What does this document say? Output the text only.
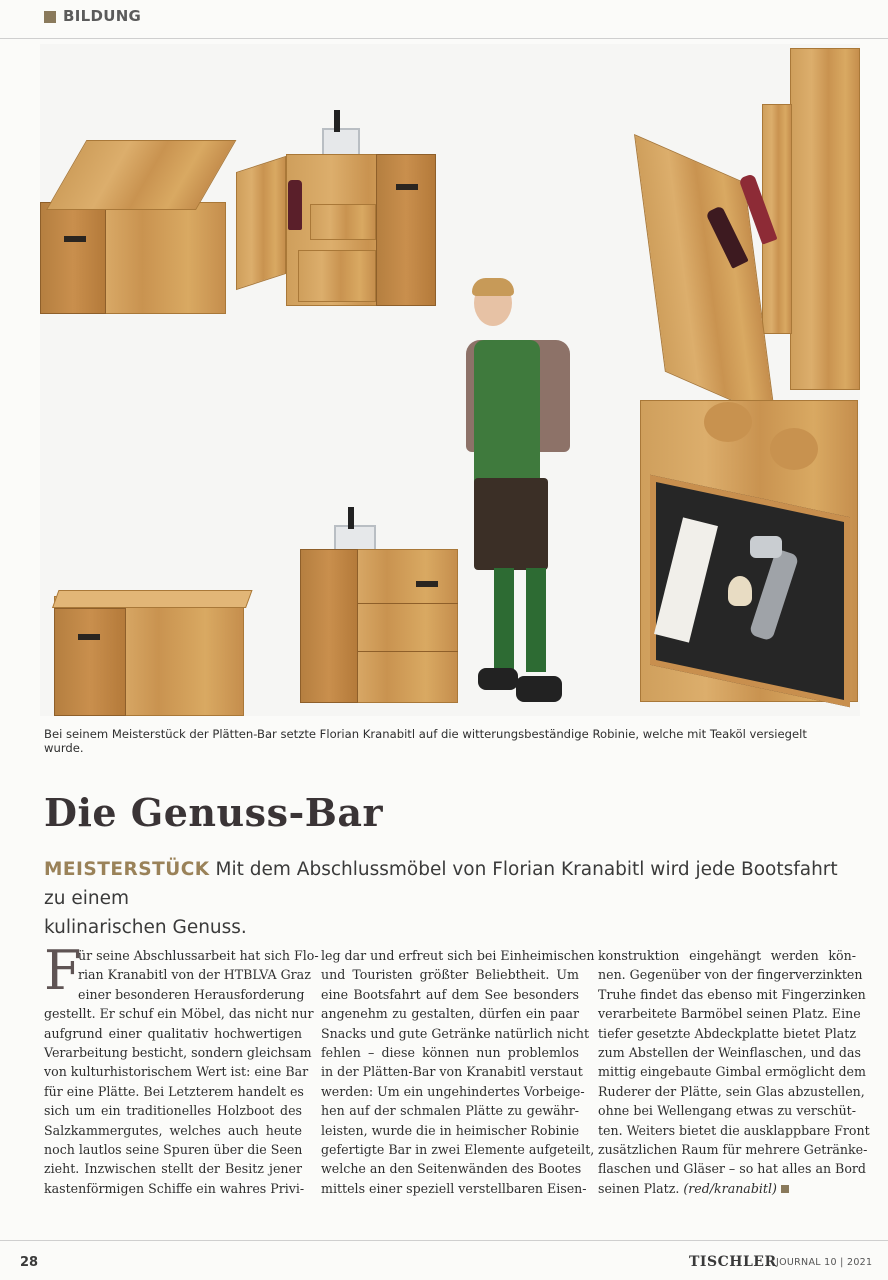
BILDUNG
Bei seinem Meisterstück der Plätten-Bar setzte Florian Kranabitl auf die witterungsbeständige Robinie, welche mit Teaköl versiegelt wurde.
Die Genuss-Bar
MEISTERSTÜCK Mit dem Abschlussmöbel von Florian Kranabitl wird jede Bootsfahrt zu einem
kulinarischen Genuss.
F
ür seine Abschlussarbeit hat sich Flo-
rian Kranabitl von der HTBLVA Graz
einer besonderen Herausforderung
gestellt. Er schuf ein Möbel, das nicht nur
aufgrund einer qualitativ hochwertigen
Verarbeitung besticht, sondern gleichsam
von kulturhistorischem Wert ist: eine Bar
für eine Plätte. Bei Letzterem handelt es
sich um ein traditionelles Holzboot des
Salzkammergutes, welches auch heute
noch lautlos seine Spuren über die Seen
zieht. Inzwischen stellt der Besitz jener
kastenförmigen Schiffe ein wahres Privi-
leg dar und erfreut sich bei Einheimischen
und Touristen größter Beliebtheit. Um
eine Bootsfahrt auf dem See besonders
angenehm zu gestalten, dürfen ein paar
Snacks und gute Getränke natürlich nicht
fehlen – diese können nun problemlos
in der Plätten-Bar von Kranabitl verstaut
werden: Um ein ungehindertes Vorbeige-
hen auf der schmalen Plätte zu gewähr-
leisten, wurde die in heimischer Robinie
gefertigte Bar in zwei Elemente aufgeteilt,
welche an den Seitenwänden des Bootes
mittels einer speziell verstellbaren Eisen-
konstruktion eingehängt werden kön-
nen. Gegenüber von der fingerverzinkten
Truhe findet das ebenso mit Fingerzinken
verarbeitete Barmöbel seinen Platz. Eine
tiefer gesetzte Abdeckplatte bietet Platz
zum Abstellen der Weinflaschen, und das
mittig eingebaute Gimbal ermöglicht dem
Ruderer der Plätte, sein Glas abzustellen,
ohne bei Wellengang etwas zu verschüt-
ten. Weiters bietet die ausklappbare Front
zusätzlichen Raum für mehrere Getränke-
flaschen und Gläser – so hat alles an Bord
seinen Platz. (red/kranabitl)
28	TISCHLER JOURNAL 10 | 2021
